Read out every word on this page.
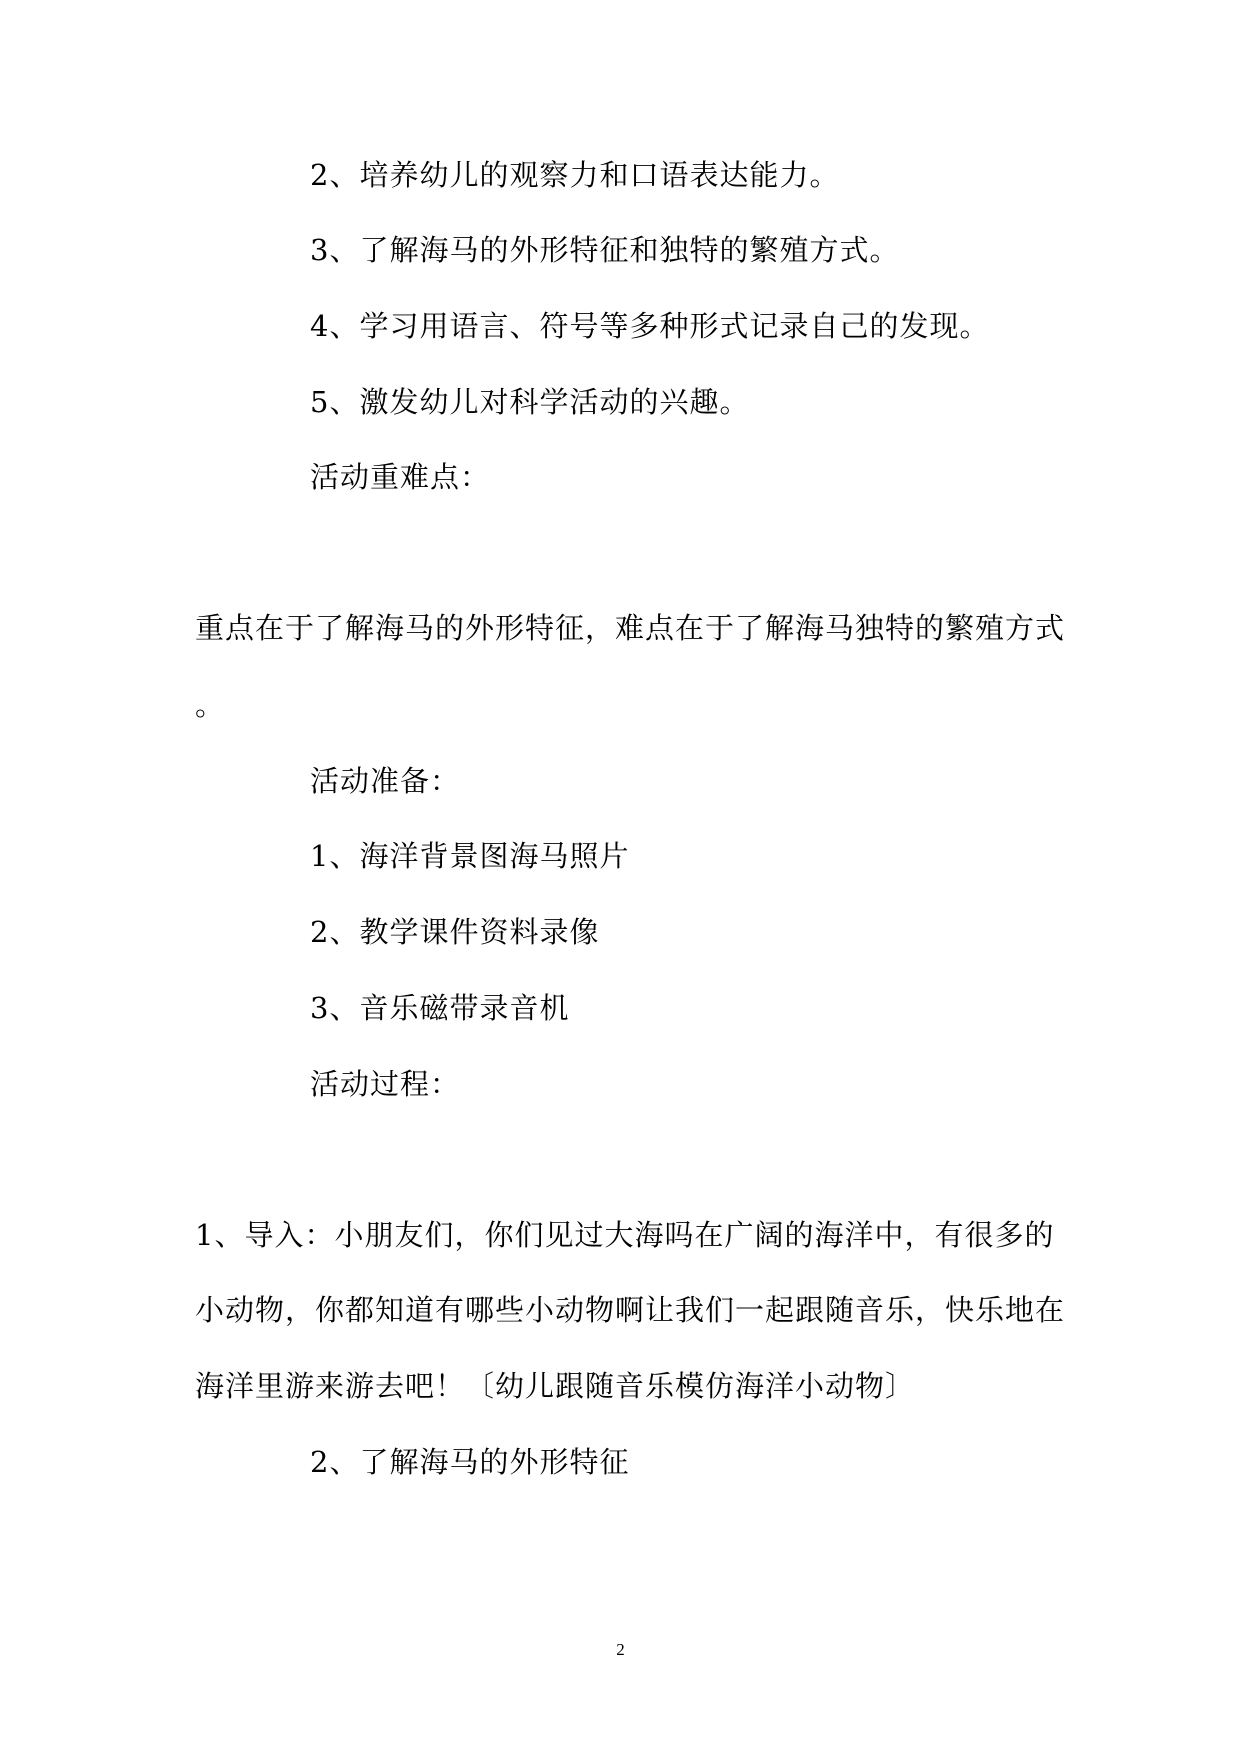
2、培养幼儿的观察力和口语表达能力。
3、了解海马的外形特征和独特的繁殖方式。
4、学习用语言、符号等多种形式记录自己的发现。
5、激发幼儿对科学活动的兴趣。
活动重难点：
重点在于了解海马的外形特征，难点在于了解海马独特的繁殖方式
。
活动准备：
1、海洋背景图海马照片
2、教学课件资料录像
3、音乐磁带录音机
活动过程：
1、导入：小朋友们，你们见过大海吗在广阔的海洋中，有很多的
小动物，你都知道有哪些小动物啊让我们一起跟随音乐，快乐地在
海洋里游来游去吧！〔幼儿跟随音乐模仿海洋小动物〕
2、了解海马的外形特征
2
